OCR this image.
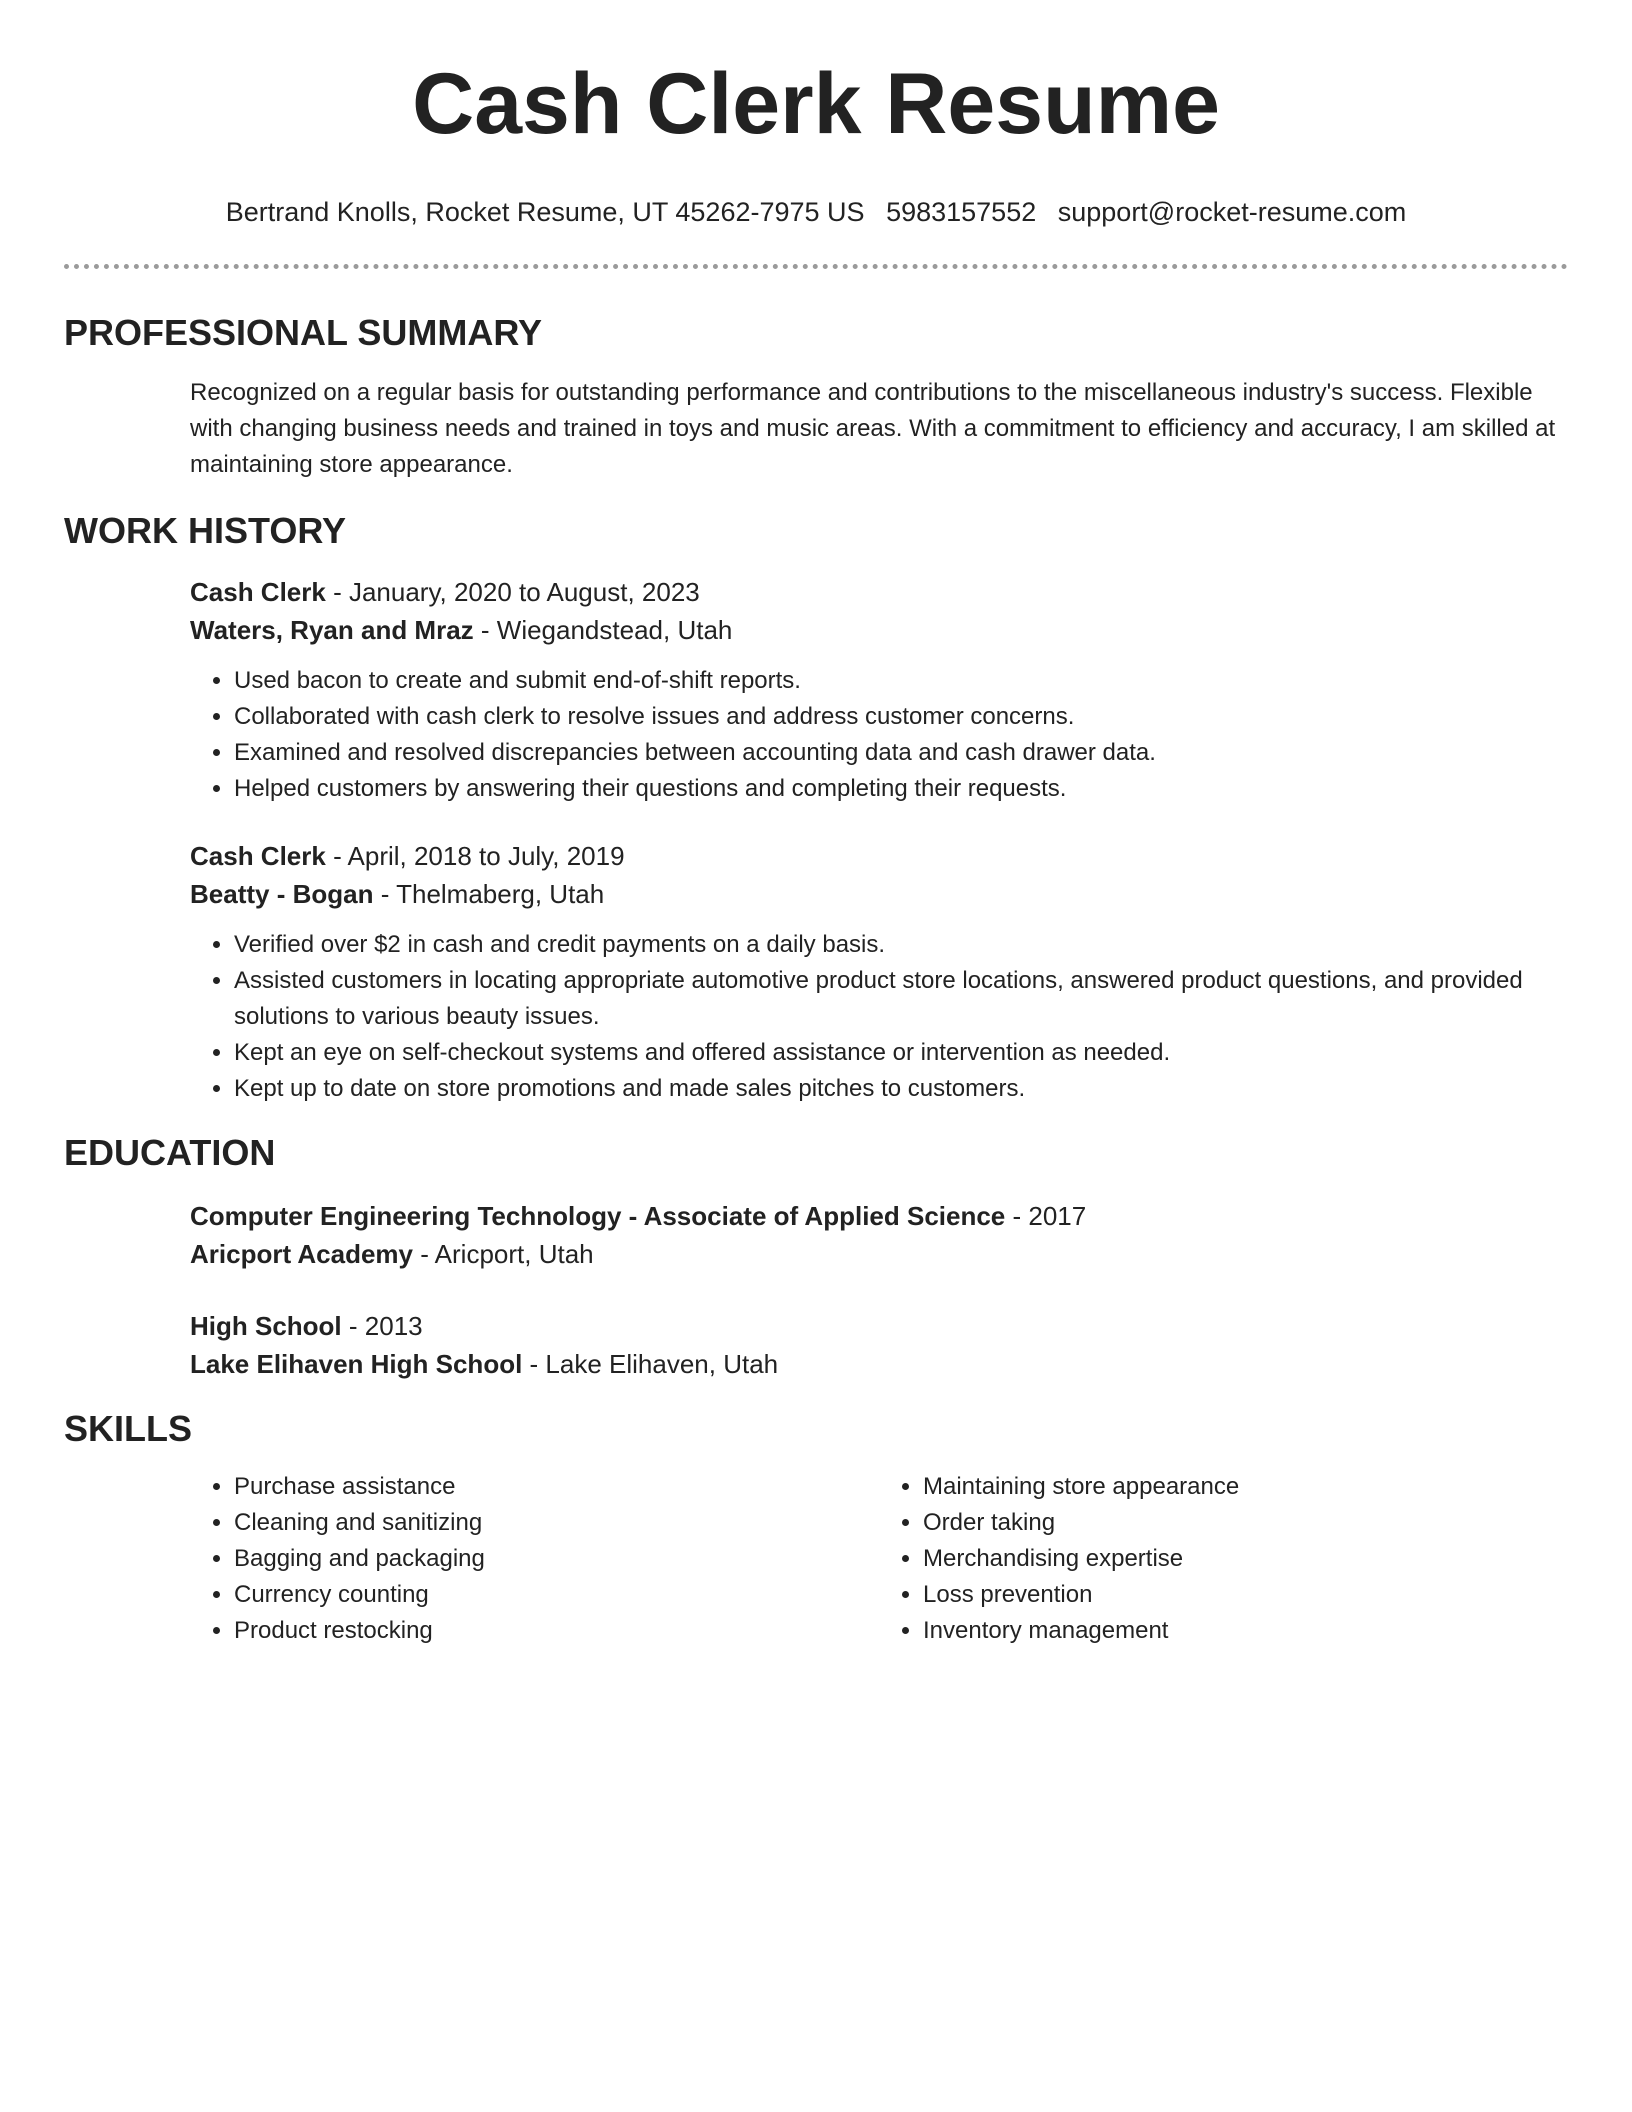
Cash Clerk Resume
Bertrand Knolls, Rocket Resume, UT 45262-7975 US 5983157552 support@rocket-resume.com
PROFESSIONAL SUMMARY
Recognized on a regular basis for outstanding performance and contributions to the miscellaneous industry's success. Flexible with changing business needs and trained in toys and music areas. With a commitment to efficiency and accuracy, I am skilled at maintaining store appearance.
WORK HISTORY
Cash Clerk - January, 2020 to August, 2023
Waters, Ryan and Mraz - Wiegandstead, Utah
• Used bacon to create and submit end-of-shift reports.
• Collaborated with cash clerk to resolve issues and address customer concerns.
• Examined and resolved discrepancies between accounting data and cash drawer data.
• Helped customers by answering their questions and completing their requests.
Cash Clerk - April, 2018 to July, 2019
Beatty - Bogan - Thelmaberg, Utah
• Verified over $2 in cash and credit payments on a daily basis.
• Assisted customers in locating appropriate automotive product store locations, answered product questions, and provided solutions to various beauty issues.
• Kept an eye on self-checkout systems and offered assistance or intervention as needed.
• Kept up to date on store promotions and made sales pitches to customers.
EDUCATION
Computer Engineering Technology - Associate of Applied Science - 2017
Aricport Academy - Aricport, Utah
High School - 2013
Lake Elihaven High School - Lake Elihaven, Utah
SKILLS
• Purchase assistance
• Cleaning and sanitizing
• Bagging and packaging
• Currency counting
• Product restocking
• Maintaining store appearance
• Order taking
• Merchandising expertise
• Loss prevention
• Inventory management
